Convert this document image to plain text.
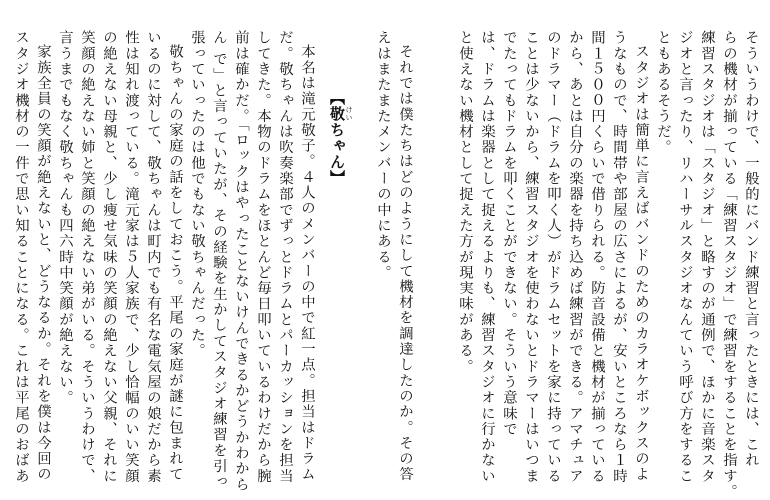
そういうわけで、一般的にバンド練習と言ったときには、これ
らの機材が揃っている「練習スタジオ」で練習をすることを指す。
練習スタジオは「スタジオ」と略すのが通例で、ほかに音楽スタ
ジオと言ったり、リハーサルスタジオなんていう呼び方をするこ
ともあるそうだ。
スタジオは簡単に言えばバンドのためのカラオケボックスのよ
うなもので、時間帯や部屋の広さによるが、安いところなら１時
間１５００円くらいで借りられる。防音設備と機材が揃っている
から、あとは自分の楽器を持ち込めば練習ができる。アマチュア
のドラマー（ドラムを叩く人）がドラムセットを家に持っている
ことは少ないから、練習スタジオを使わないとドラマーはいつま
でたってもドラムを叩くことができない。そういう意味で
は、ドラムは楽器として捉えるよりも、練習スタジオに行かない
と使えない機材として捉えた方が現実味がある。
それでは僕たちはどのようにして機材を調達したのか。その答
えはまたまたメンバーの中にある。
【敬 けいちゃん】
本名は滝元敬子。４人のメンバーの中で紅一点。担当はドラム
だ。敬ちゃんは吹奏楽部でずっとドラムとパーカッションを担当
してきた。本物のドラムをほとんど毎日叩いているわけだから腕
前は確かだ。「ロックはやったことないけんできるかどうかわから
ん で」と言っていたが、その経験を生かしてスタジオ練習を引っ
張っていったのは他でもない敬ちゃんだった。
敬ちゃんの家庭の話をしておこう。平尾の家庭が謎に包まれて
いるのに対して、敬ちゃんは町内でも有名な電気屋の娘だから素
性は知れ渡っている。滝元家は５人家族で、少し恰幅のいい笑顔
の絶えない母親と、少し痩せ気味の笑顔の絶えない父親、それに
笑顔の絶えない姉と笑顔の絶えない弟がいる。そういうわけで、
言うまでもなく敬ちゃんも四六時中笑顔が絶えない。
家族全員の笑顔が絶えないと、どうなるか。それを僕は今回の
スタジオ機材の一件で思い知ることになる。これは平尾のおばあ
